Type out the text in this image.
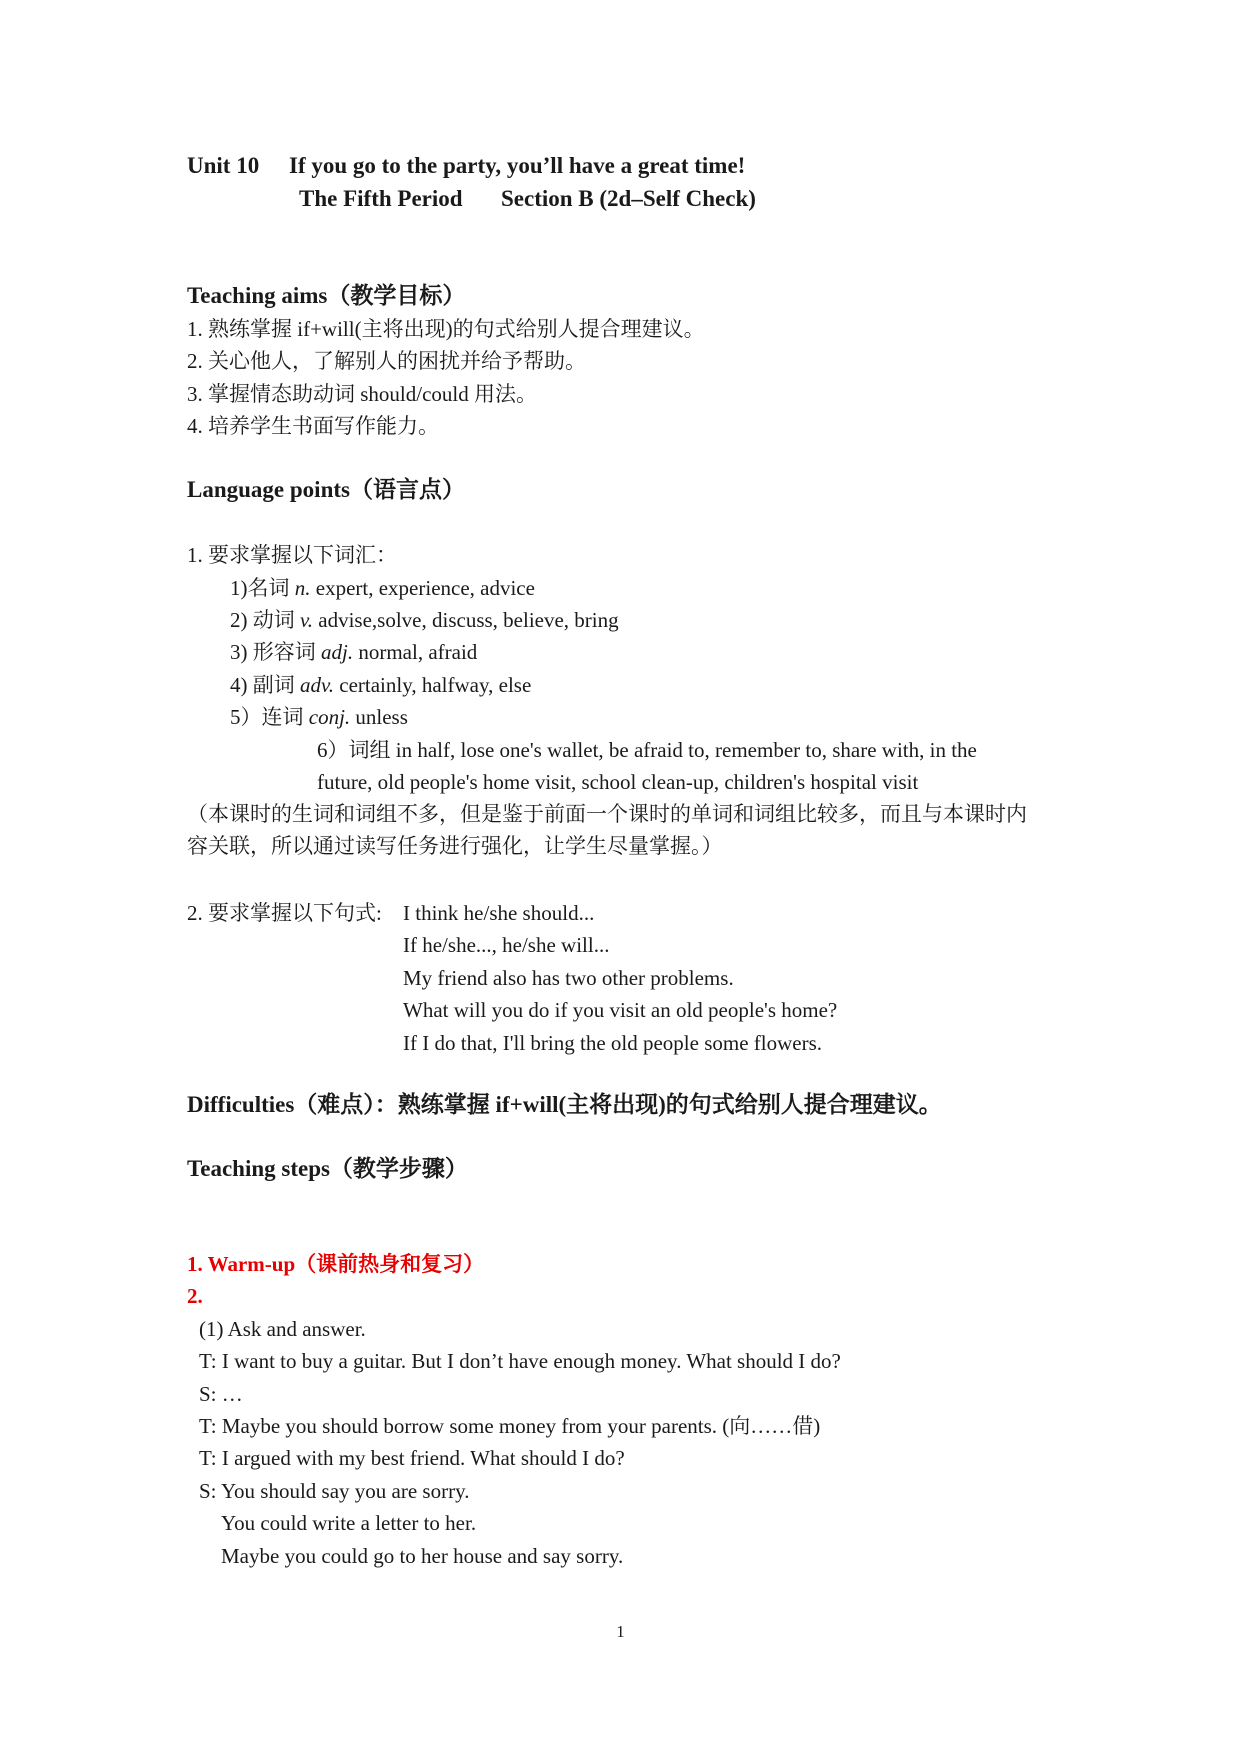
Unit 10 If you go to the party, you’ll have a great time!
The Fifth Period Section B (2d–Self Check)
Teaching aims（教学目标）
1. 熟练掌握 if+will(主将出现)的句式给别人提合理建议。
2. 关心他人，了解别人的困扰并给予帮助。
3. 掌握情态助动词 should/could 用法。
4. 培养学生书面写作能力。
Language points（语言点）
1. 要求掌握以下词汇：
1)名词 n. expert, experience, advice
2) 动词 v. advise,solve, discuss, believe, bring
3) 形容词 adj. normal, afraid
4) 副词 adv. certainly, halfway, else
5）连词 conj. unless
6）词组 in half, lose one's wallet, be afraid to, remember to, share with, in the
future, old people's home visit, school clean-up, children's hospital visit
（本课时的生词和词组不多，但是鉴于前面一个课时的单词和词组比较多，而且与本课时内
容关联，所以通过读写任务进行强化，让学生尽量掌握。）
2. 要求掌握以下句式: I think he/she should...
If he/she..., he/she will...
My friend also has two other problems.
What will you do if you visit an old people's home?
If I do that, I'll bring the old people some flowers.
Difficulties（难点）：熟练掌握 if+will(主将出现)的句式给别人提合理建议。
Teaching steps（教学步骤）
1. Warm-up（课前热身和复习）
2.
(1) Ask and answer.
T: I want to buy a guitar. But I don’t have enough money. What should I do?
S: …
T: Maybe you should borrow some money from your parents. (向……借)
T: I argued with my best friend. What should I do?
S: You should say you are sorry.
You could write a letter to her.
Maybe you could go to her house and say sorry.
1
